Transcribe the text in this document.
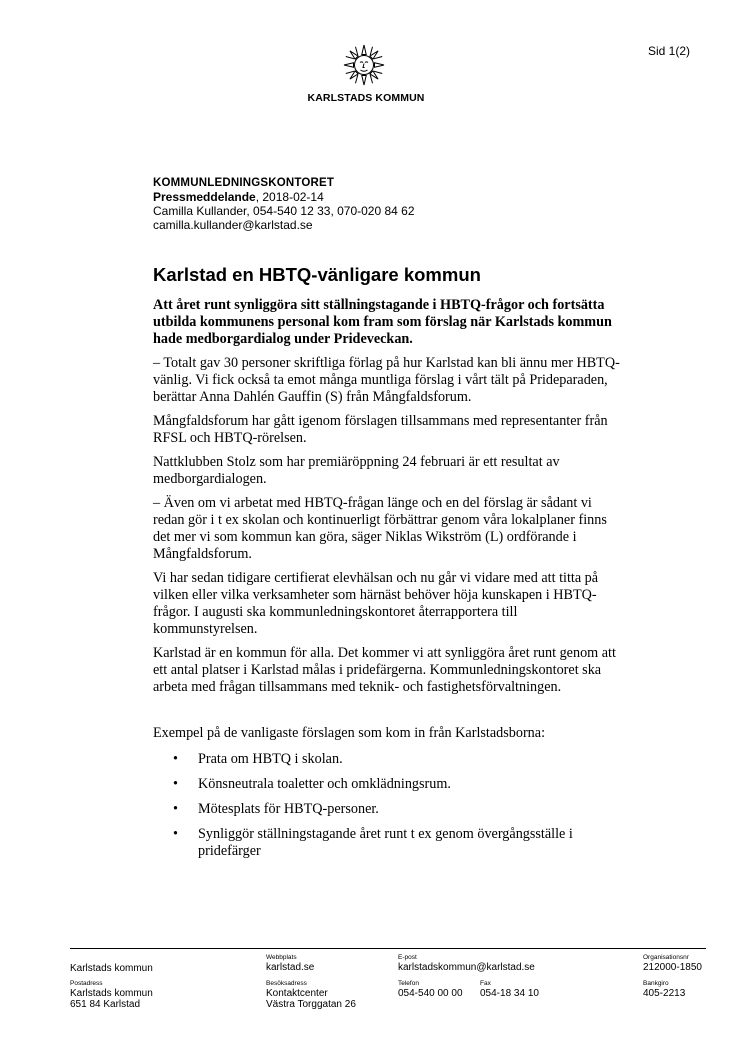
Sid 1(2)
KARLSTADS KOMMUN
KOMMUNLEDNINGSKONTORET
Pressmeddelande, 2018-02-14
Camilla Kullander, 054-540 12 33, 070-020 84 62
camilla.kullander@karlstad.se
Karlstad en HBTQ-vänligare kommun

Att året runt synliggöra sitt ställningstagande i HBTQ-frågor och fortsätta utbilda kommunens personal kom fram som förslag när Karlstads kommun hade medborgardialog under Prideveckan.

– Totalt gav 30 personer skriftliga förlag på hur Karlstad kan bli ännu mer HBTQ-vänlig. Vi fick också ta emot många muntliga förslag i vårt tält på Prideparaden, berättar Anna Dahlén Gauffin (S) från Mångfaldsforum.

Mångfaldsforum har gått igenom förslagen tillsammans med representanter från RFSL och HBTQ-rörelsen.

Nattklubben Stolz som har premiäröppning 24 februari är ett resultat av medborgardialogen.

– Även om vi arbetat med HBTQ-frågan länge och en del förslag är sådant vi redan gör i t ex skolan och kontinuerligt förbättrar genom våra lokalplaner finns det mer vi som kommun kan göra, säger Niklas Wikström (L) ordförande i Mångfaldsforum.

Vi har sedan tidigare certifierat elevhälsan och nu går vi vidare med att titta på vilken eller vilka verksamheter som härnäst behöver höja kunskapen i HBTQ-frågor. I augusti ska kommunledningskontoret återrapportera till kommunstyrelsen.

Karlstad är en kommun för alla. Det kommer vi att synliggöra året runt genom att ett antal platser i Karlstad målas i pridefärgerna. Kommunledningskontoret ska arbeta med frågan tillsammans med teknik- och fastighetsförvaltningen.

Exempel på de vanligaste förslagen som kom in från Karlstadsborna:

• Prata om HBTQ i skolan.
• Könsneutrala toaletter och omklädningsrum.
• Mötesplats för HBTQ-personer.
• Synliggör ställningstagande året runt t ex genom övergångsställe i pridefärger
Karlstads kommun
Webbplats
karlstad.se
E-post
karlstadskommun@karlstad.se
Organisationsnr
212000-1850
Postadress
Karlstads kommun
651 84 Karlstad
Besöksadress
Kontaktcenter
Västra Torggatan 26
Telefon
054-540 00 00
Fax
054-18 34 10
Bankgiro
405-2213
